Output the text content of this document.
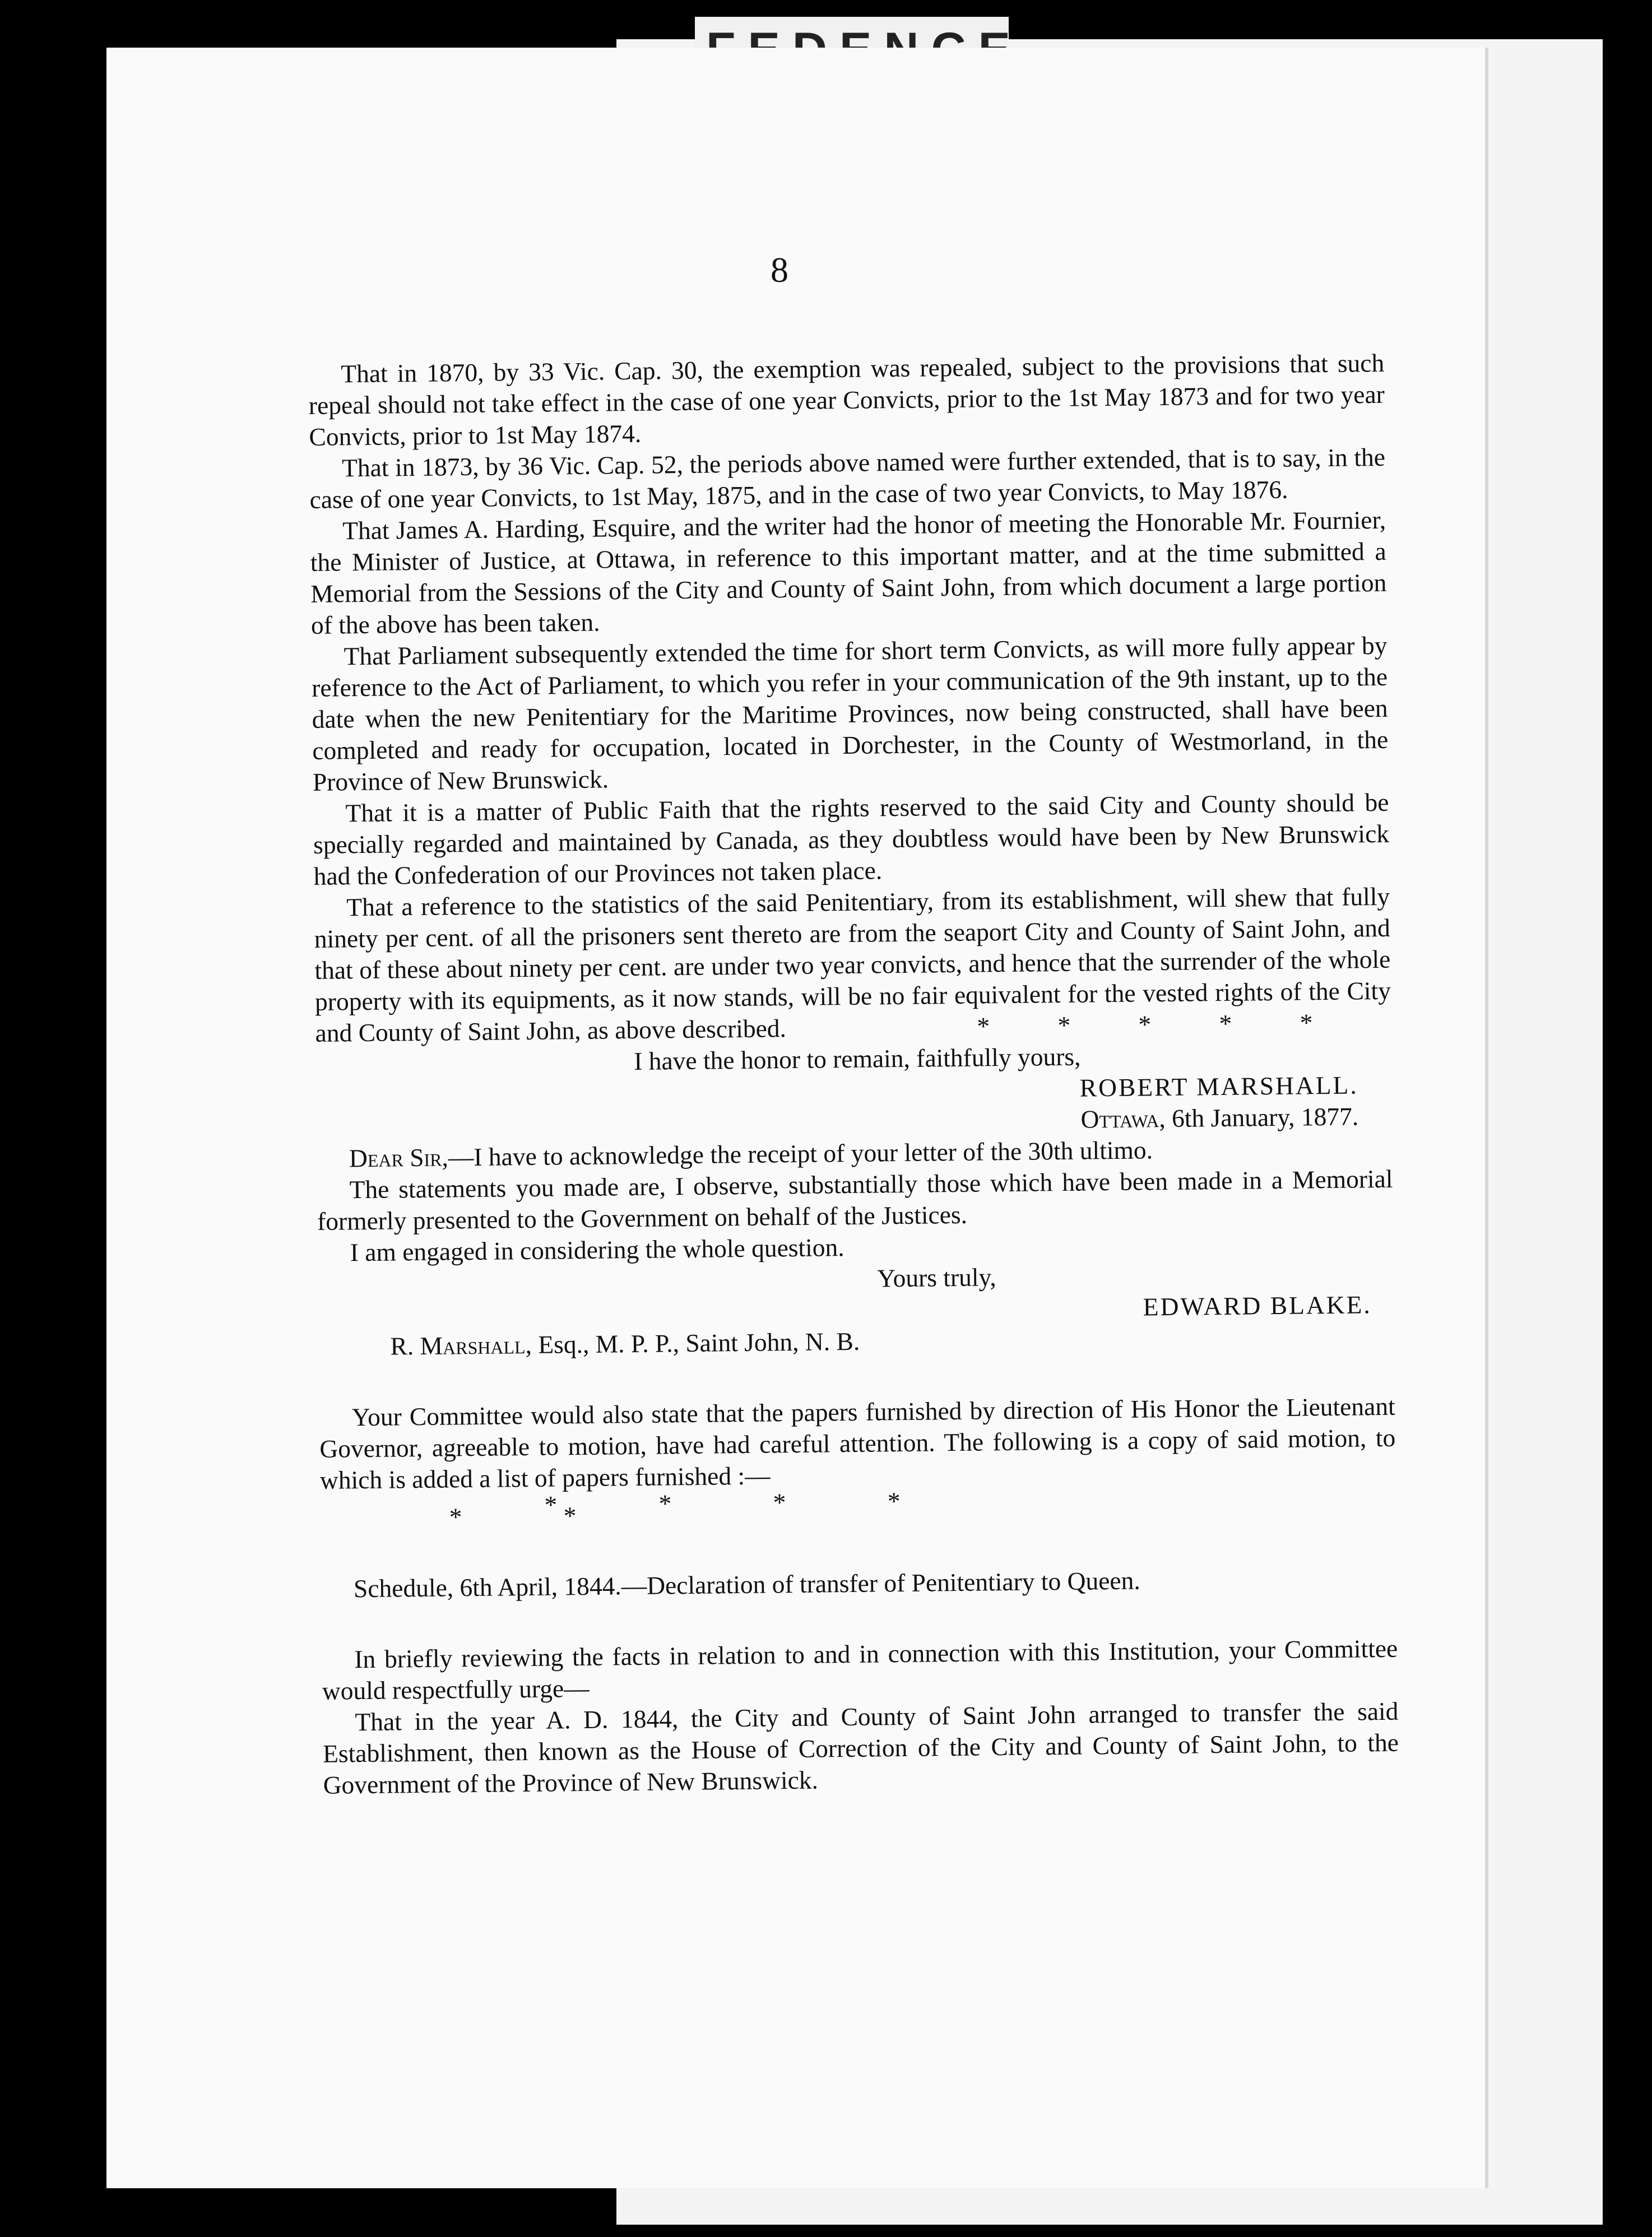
8

That in 1870, by 33 Vic. Cap. 30, the exemption was repealed, subject to the provisions that such repeal should not take effect in the case of one year Convicts, prior to the 1st May 1873 and for two year Convicts, prior to 1st May 1874.

That in 1873, by 36 Vic. Cap. 52, the periods above named were further extended, that is to say, in the case of one year Convicts, to 1st May, 1875, and in the case of two year Convicts, to May 1876.

That James A. Harding, Esquire, and the writer had the honor of meeting the Honorable Mr. Fournier, the Minister of Justice, at Ottawa, in reference to this important matter, and at the time submitted a Memorial from the Sessions of the City and County of Saint John, from which document a large portion of the above has been taken.

That Parliament subsequently extended the time for short term Convicts, as will more fully appear by reference to the Act of Parliament, to which you refer in your communication of the 9th instant, up to the date when the new Penitentiary for the Maritime Provinces, now being constructed, shall have been completed and ready for occupation, located in Dorchester, in the County of Westmorland, in the Province of New Brunswick.

That it is a matter of Public Faith that the rights reserved to the said City and County should be specially regarded and maintained by Canada, as they doubtless would have been by New Brunswick had the Confederation of our Provinces not taken place.

That a reference to the statistics of the said Penitentiary, from its establishment, will shew that fully ninety per cent. of all the prisoners sent thereto are from the seaport City and County of Saint John, and that of these about ninety per cent. are under two year convicts, and hence that the surrender of the whole property with its equipments, as it now stands, will be no fair equivalent for the vested rights of the City and County of Saint John, as above described.	* * * * *

I have the honor to remain, faithfully yours,

ROBERT MARSHALL.

Ottawa, 6th January, 1877.

Dear Sir,—I have to acknowledge the receipt of your letter of the 30th ultimo.

The statements you made are, I observe, substantially those which have been made in a Memorial formerly presented to the Government on behalf of the Justices.

I am engaged in considering the whole question.

Yours truly,

EDWARD BLAKE.

R. Marshall, Esq., M. P. P., Saint John, N. B.

Your Committee would also state that the papers furnished by direction of His Honor the Lieutenant Governor, agreeable to motion, have had careful attention. The following is a copy of said motion, to which is added a list of papers furnished :—

* * * *
* *

Schedule, 6th April, 1844.—Declaration of transfer of Penitentiary to Queen.

In briefly reviewing the facts in relation to and in connection with this Institution, your Committee would respectfully urge—

That in the year A. D. 1844, the City and County of Saint John arranged to transfer the said Establishment, then known as the House of Correction of the City and County of Saint John, to the Government of the Province of New Brunswick.
